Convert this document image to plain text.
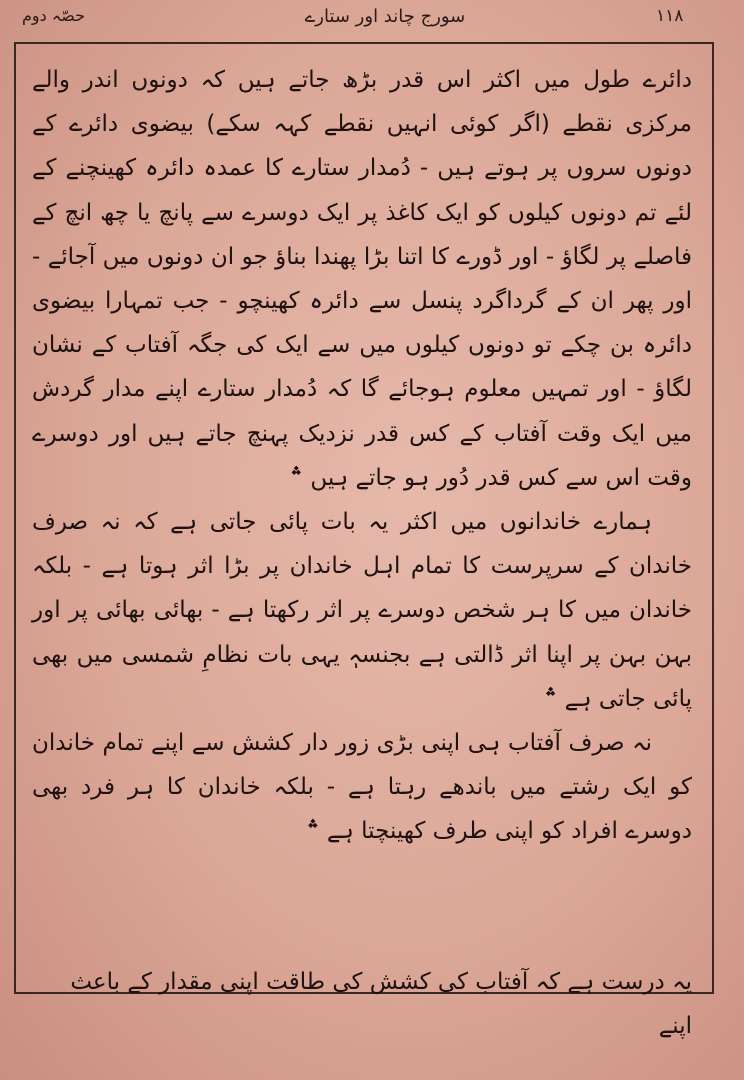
۱۱۸
سورج چاند اور ستارے
حصّہ دوم

دائرے طول میں اکثر اس قدر بڑھ جاتے ہیں کہ دونوں اندر والے مرکزی نقطے (اگر کوئی انہیں نقطے کہہ سکے) بیضوی دائرے کے دونوں سروں پر ہوتے ہیں - دُمدار ستارے کا عمدہ دائرہ کھینچنے کے لئے تم دونوں کیلوں کو ایک کاغذ پر ایک دوسرے سے پانچ یا چھ انچ کے فاصلے پر لگاؤ - اور ڈورے کا اتنا بڑا پھندا بناؤ جو ان دونوں میں آجائے - اور پھر ان کے گرداگرد پنسل سے دائرہ کھینچو - جب تمہارا بیضوی دائرہ بن چکے تو دونوں کیلوں میں سے ایک کی جگہ آفتاب کے نشان لگاؤ - اور تمہیں معلوم ہوجائے گا کہ دُمدار ستارے اپنے مدار گردش میں ایک وقت آفتاب کے کس قدر نزدیک پہنچ جاتے ہیں اور دوسرے وقت اس سے کس قدر دُور ہو جاتے ہیں ؞

ہمارے خاندانوں میں اکثر یہ بات پائی جاتی ہے کہ نہ صرف خاندان کے سرپرست کا تمام اہل خاندان پر بڑا اثر ہوتا ہے - بلکہ خاندان میں کا ہر شخص دوسرے پر اثر رکھتا ہے - بھائی بھائی پر اور بہن بہن پر اپنا اثر ڈالتی ہے بجنسہٖ یہی بات نظامِ شمسی میں بھی پائی جاتی ہے ؞

نہ صرف آفتاب ہی اپنی بڑی زور دار کشش سے اپنے تمام خاندان کو ایک رشتے میں باندھے رہتا ہے - بلکہ خاندان کا ہر فرد بھی دوسرے افراد کو اپنی طرف کھینچتا ہے ؞

یہ درست ہے کہ آفتاب کی کشش کی طاقت اپنی مقدار کے باعث اپنے
